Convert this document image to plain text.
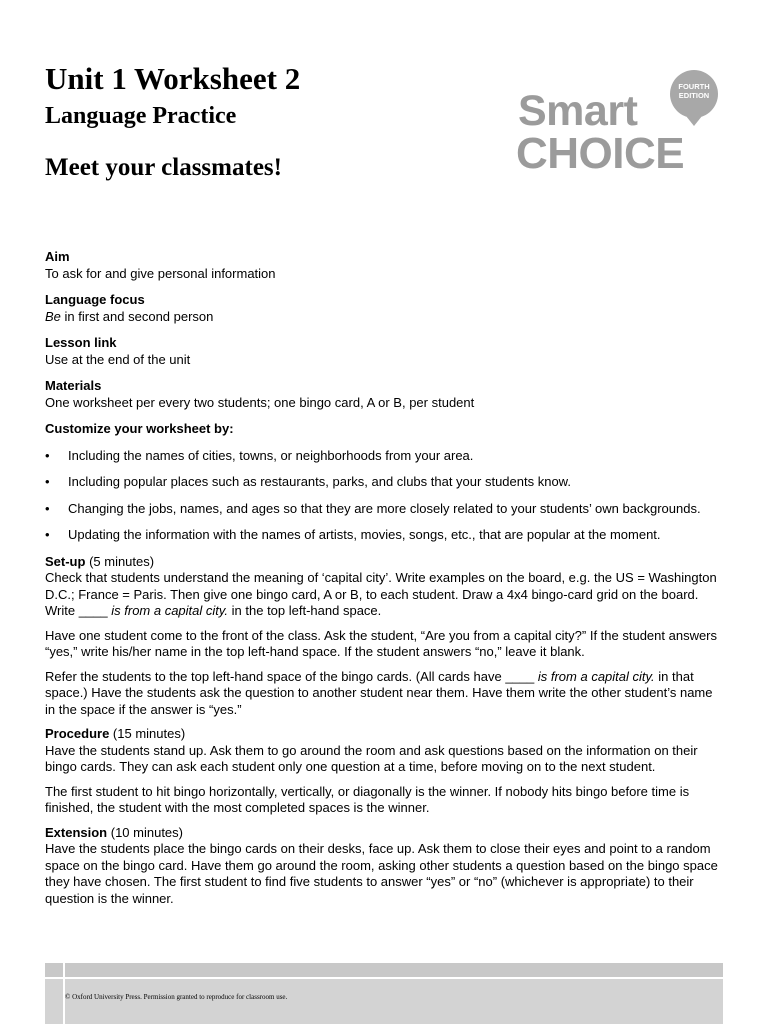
Unit 1 Worksheet 2
Language Practice
Meet your classmates!
Smart
CHOICE
FOURTH
EDITION
Aim
To ask for and give personal information
Language focus
Be in first and second person
Lesson link
Use at the end of the unit
Materials
One worksheet per every two students; one bingo card, A or B, per student
Customize your worksheet by:
• Including the names of cities, towns, or neighborhoods from your area.
• Including popular places such as restaurants, parks, and clubs that your students know.
• Changing the jobs, names, and ages so that they are more closely related to your students’ own backgrounds.
• Updating the information with the names of artists, movies, songs, etc., that are popular at the moment.
Set-up (5 minutes)
Check that students understand the meaning of ‘capital city’. Write examples on the board, e.g. the US = Washington D.C.; France = Paris. Then give one bingo card, A or B, to each student. Draw a 4x4 bingo-card grid on the board. Write ____ is from a capital city. in the top left-hand space.
Have one student come to the front of the class. Ask the student, “Are you from a capital city?” If the student answers “yes,” write his/her name in the top left-hand space. If the student answers “no,” leave it blank.
Refer the students to the top left-hand space of the bingo cards. (All cards have ____ is from a capital city. in that space.) Have the students ask the question to another student near them. Have them write the other student’s name in the space if the answer is “yes.”
Procedure (15 minutes)
Have the students stand up. Ask them to go around the room and ask questions based on the information on their bingo cards. They can ask each student only one question at a time, before moving on to the next student.
The first student to hit bingo horizontally, vertically, or diagonally is the winner. If nobody hits bingo before time is finished, the student with the most completed spaces is the winner.
Extension (10 minutes)
Have the students place the bingo cards on their desks, face up. Ask them to close their eyes and point to a random space on the bingo card. Have them go around the room, asking other students a question based on the bingo space they have chosen. The first student to find five students to answer “yes” or “no” (whichever is appropriate) to their question is the winner.
© Oxford University Press. Permission granted to reproduce for classroom use.
